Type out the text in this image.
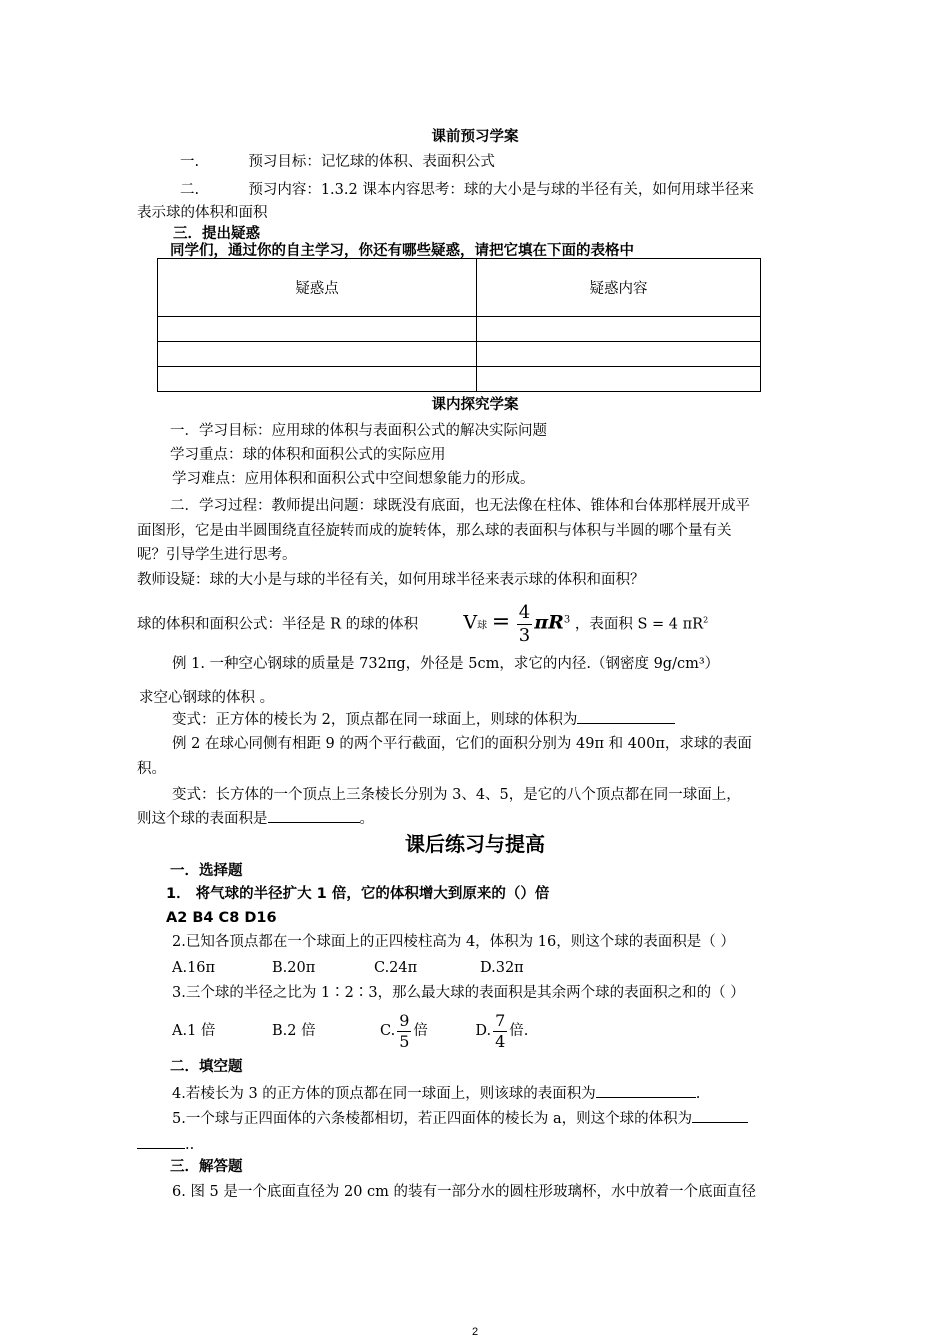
课前预习学案
一.	预习目标：记忆球的体积、表面积公式
二.	预习内容：1.3.2 课本内容思考：球的大小是与球的半径有关，如何用球半径来
表示球的体积和面积
三．提出疑惑
同学们，通过你的自主学习，你还有哪些疑惑，请把它填在下面的表格中
疑惑点	疑惑内容

课内探究学案
一．学习目标：应用球的体积与表面积公式的解决实际问题
学习重点：球的体积和面积公式的实际应用
学习难点：应用体积和面积公式中空间想象能力的形成。
二．学习过程：教师提出问题：球既没有底面，也无法像在柱体、锥体和台体那样展开成平
面图形，它是由半圆围绕直径旋转而成的旋转体，那么球的表面积与体积与半圆的哪个量有关
呢？引导学生进行思考。
教师设疑：球的大小是与球的半径有关，如何用球半径来表示球的体积和面积？
球的体积和面积公式：半径是 R 的球的体积 V球 = $\frac{4}{3} \pi R^3$ ，表面积 S = 4 $\pi R^2$
例 1. 一种空心钢球的质量是 732πg，外径是 5cm，求它的内径.（钢密度 9g/cm³）
求空心钢球的体积 。
变式：正方体的棱长为 2，顶点都在同一球面上，则球的体积为
例 2 在球心同侧有相距 9 的两个平行截面，它们的面积分别为 49π 和 400π，求球的表面
积。
变式：长方体的一个顶点上三条棱长分别为 3、4、5，是它的八个顶点都在同一球面上，
则这个球的表面积是	。
课后练习与提高
一．选择题
1． 将气球的半径扩大 1 倍，它的体积增大到原来的（）倍
A2 B4 C8 D16
2.已知各顶点都在一个球面上的正四棱柱高为 4，体积为 16，则这个球的表面积是（ ）
A.16π	B.20π	C.24π	D.32π
3.三个球的半径之比为 1∶2∶3，那么最大球的表面积是其余两个球的表面积之和的（ ）
A.1 倍	B.2 倍	C. $\frac{9}{5}$ 倍	D. $\frac{7}{4}$ 倍.
二．填空题
4.若棱长为 3 的正方体的顶点都在同一球面上，则该球的表面积为	.
5.一个球与正四面体的六条棱都相切，若正四面体的棱长为 a，则这个球的体积为
..
三．解答题
6. 图 5 是一个底面直径为 20 cm 的装有一部分水的圆柱形玻璃杯，水中放着一个底面直径
2
